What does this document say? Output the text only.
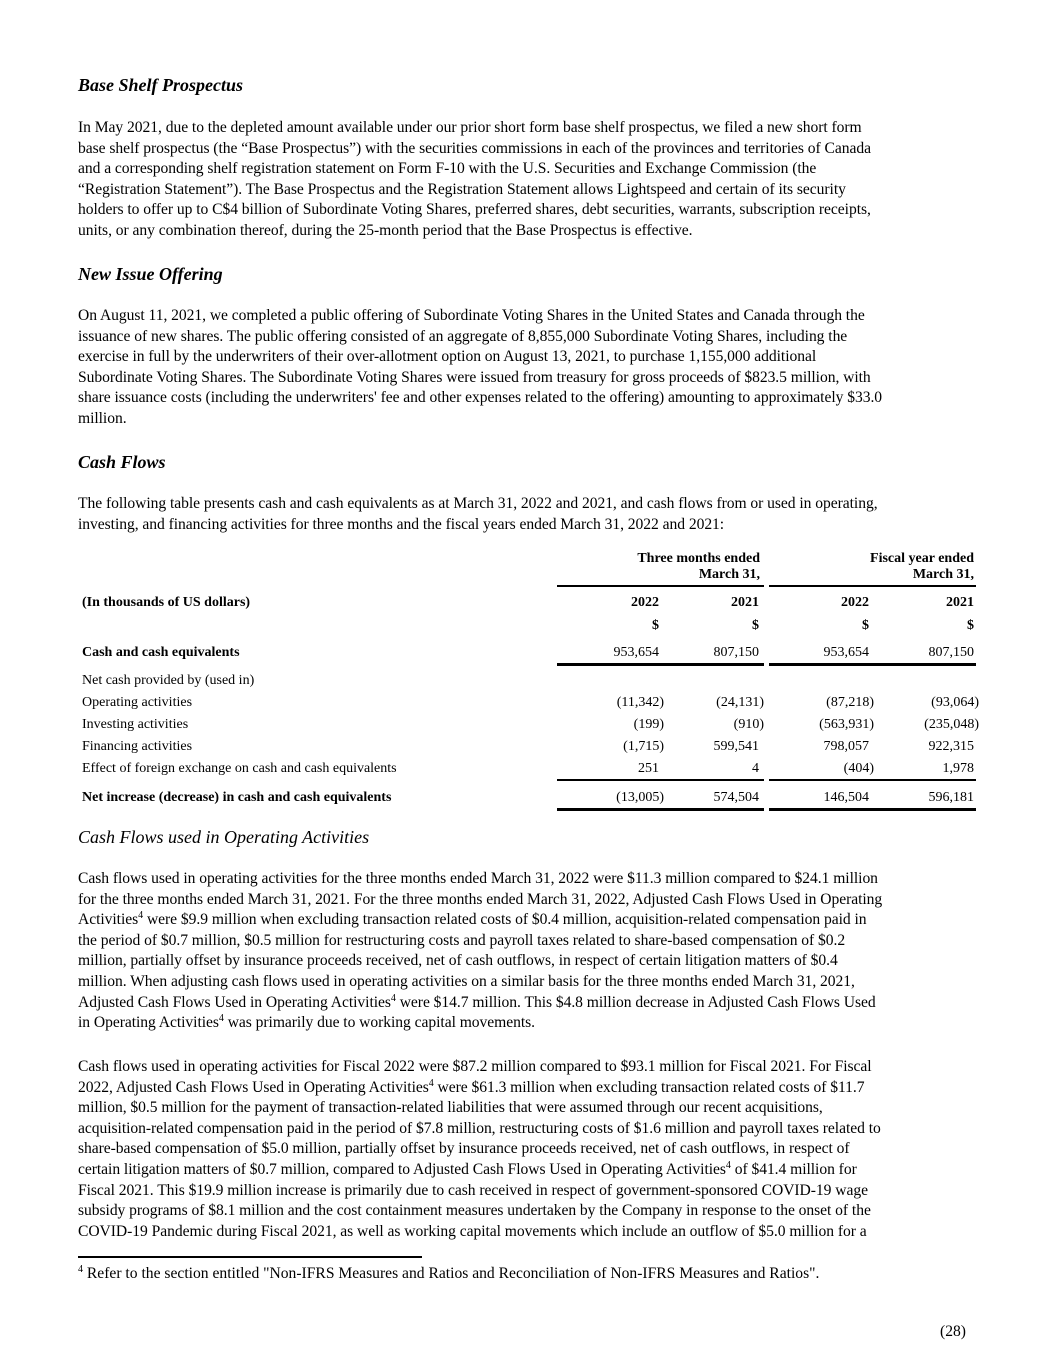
Base Shelf Prospectus
In May 2021, due to the depleted amount available under our prior short form base shelf prospectus, we filed a new short form
base shelf prospectus (the “Base Prospectus”) with the securities commissions in each of the provinces and territories of Canada
and a corresponding shelf registration statement on Form F-10 with the U.S. Securities and Exchange Commission (the
“Registration Statement”). The Base Prospectus and the Registration Statement allows Lightspeed and certain of its security
holders to offer up to C$4 billion of Subordinate Voting Shares, preferred shares, debt securities, warrants, subscription receipts,
units, or any combination thereof, during the 25-month period that the Base Prospectus is effective.
New Issue Offering
On August 11, 2021, we completed a public offering of Subordinate Voting Shares in the United States and Canada through the
issuance of new shares. The public offering consisted of an aggregate of 8,855,000 Subordinate Voting Shares, including the
exercise in full by the underwriters of their over-allotment option on August 13, 2021, to purchase 1,155,000 additional
Subordinate Voting Shares. The Subordinate Voting Shares were issued from treasury for gross proceeds of $823.5 million, with
share issuance costs (including the underwriters' fee and other expenses related to the offering) amounting to approximately $33.0
million.
Cash Flows
The following table presents cash and cash equivalents as at March 31, 2022 and 2021, and cash flows from or used in operating,
investing, and financing activities for three months and the fiscal years ended March 31, 2022 and 2021:
Three months ended
March 31,
Fiscal year ended
March 31,
(In thousands of US dollars)	2022	2021	2022	2021
$	$	$	$
Cash and cash equivalents	953,654	807,150	953,654	807,150
Net cash provided by (used in)
Operating activities	(11,342)	(24,131)	(87,218)	(93,064)
Investing activities	(199)	(910)	(563,931)	(235,048)
Financing activities	(1,715)	599,541	798,057	922,315
Effect of foreign exchange on cash and cash equivalents	251	4	(404)	1,978
Net increase (decrease) in cash and cash equivalents	(13,005)	574,504	146,504	596,181
Cash Flows used in Operating Activities
Cash flows used in operating activities for the three months ended March 31, 2022 were $11.3 million compared to $24.1 million
for the three months ended March 31, 2021. For the three months ended March 31, 2022, Adjusted Cash Flows Used in Operating
Activities$^4$ were $9.9 million when excluding transaction related costs of $0.4 million, acquisition-related compensation paid in
the period of $0.7 million, $0.5 million for restructuring costs and payroll taxes related to share-based compensation of $0.2
million, partially offset by insurance proceeds received, net of cash outflows, in respect of certain litigation matters of $0.4
million. When adjusting cash flows used in operating activities on a similar basis for the three months ended March 31, 2021,
Adjusted Cash Flows Used in Operating Activities$^4$ were $14.7 million. This $4.8 million decrease in Adjusted Cash Flows Used
in Operating Activities$^4$ was primarily due to working capital movements.
Cash flows used in operating activities for Fiscal 2022 were $87.2 million compared to $93.1 million for Fiscal 2021. For Fiscal
2022, Adjusted Cash Flows Used in Operating Activities$^4$ were $61.3 million when excluding transaction related costs of $11.7
million, $0.5 million for the payment of transaction-related liabilities that were assumed through our recent acquisitions,
acquisition-related compensation paid in the period of $7.8 million, restructuring costs of $1.6 million and payroll taxes related to
share-based compensation of $5.0 million, partially offset by insurance proceeds received, net of cash outflows, in respect of
certain litigation matters of $0.7 million, compared to Adjusted Cash Flows Used in Operating Activities$^4$ of $41.4 million for
Fiscal 2021. This $19.9 million increase is primarily due to cash received in respect of government-sponsored COVID-19 wage
subsidy programs of $8.1 million and the cost containment measures undertaken by the Company in response to the onset of the
COVID-19 Pandemic during Fiscal 2021, as well as working capital movements which include an outflow of $5.0 million for a
$^4$ Refer to the section entitled "Non-IFRS Measures and Ratios and Reconciliation of Non-IFRS Measures and Ratios".
(28)
